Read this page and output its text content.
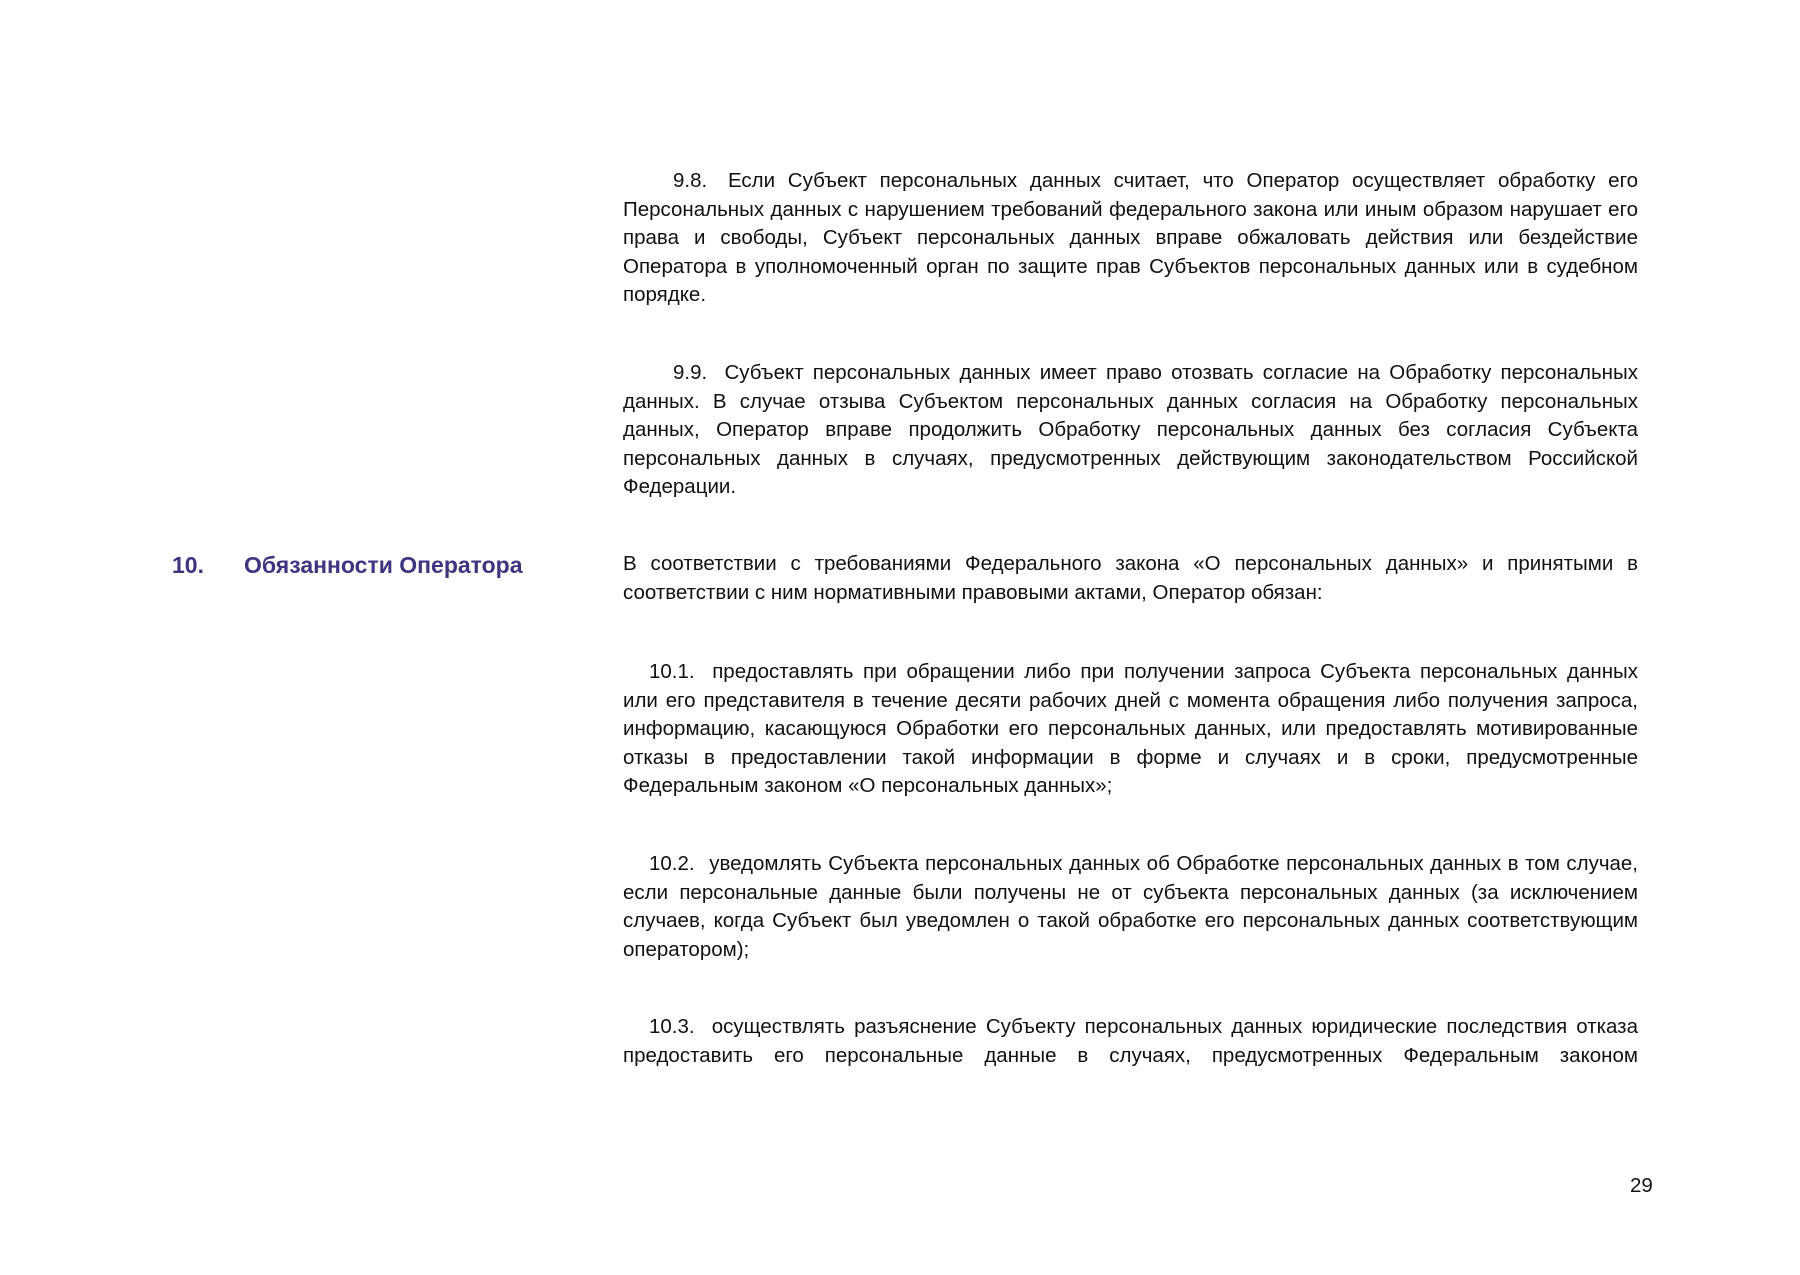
10. Обязанности Оператора

9.8. Если Субъект персональных данных считает, что Оператор осуществляет обработку его Персональных данных с нарушением требований федерального закона или иным образом нарушает его права и свободы, Субъект персональных данных вправе обжаловать действия или бездействие Оператора в уполномоченный орган по защите прав Субъектов персональных данных или в судебном порядке.

9.9. Субъект персональных данных имеет право отозвать согласие на Обработку персональных данных. В случае отзыва Субъектом персональных данных согласия на Обработку персональных данных, Оператор вправе продолжить Обработку персональных данных без согласия Субъекта персональных данных в случаях, предусмотренных действующим законодательством Российской Федерации.

В соответствии с требованиями Федерального закона «О персональных данных» и принятыми в соответствии с ним нормативными правовыми актами, Оператор обязан:

10.1. предоставлять при обращении либо при получении запроса Субъекта персональных данных или его представителя в течение десяти рабочих дней с момента обращения либо получения запроса, информацию, касающуюся Обработки его персональных данных, или предоставлять мотивированные отказы в предоставлении такой информации в форме и случаях и в сроки, предусмотренные Федеральным законом «О персональных данных»;

10.2. уведомлять Субъекта персональных данных об Обработке персональных данных в том случае, если персональные данные были получены не от субъекта персональных данных (за исключением случаев, когда Субъект был уведомлен о такой обработке его персональных данных соответствующим оператором);

10.3. осуществлять разъяснение Субъекту персональных данных юридические последствия отказа предоставить его персональные данные в случаях, предусмотренных Федеральным законом

29
